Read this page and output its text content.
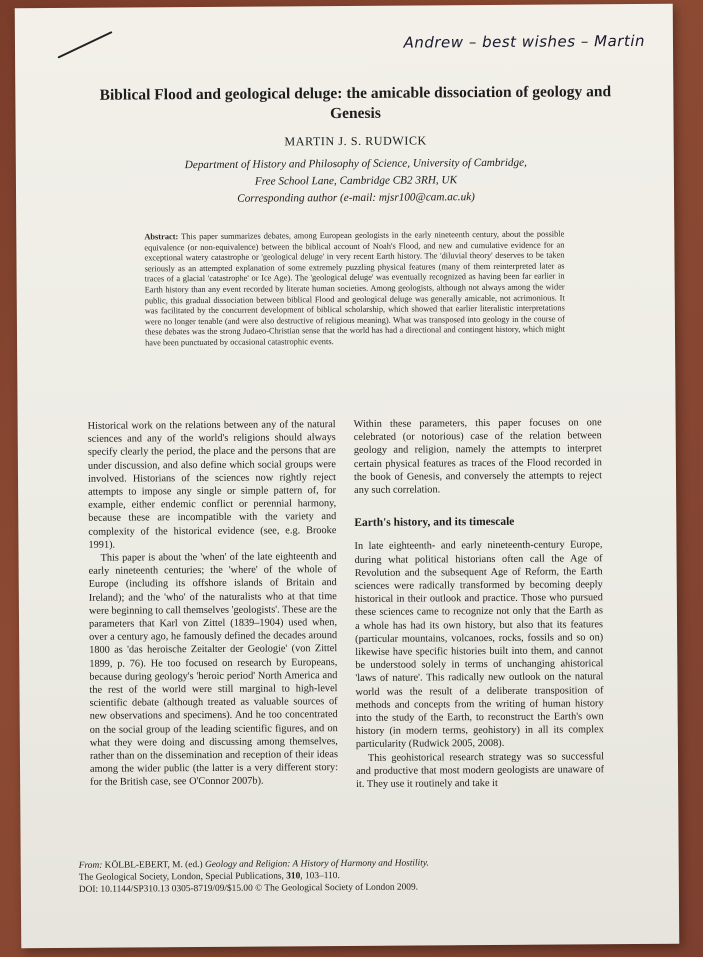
Andrew – best wishes – Martin
Biblical Flood and geological deluge: the amicable dissociation of geology and Genesis
MARTIN J. S. RUDWICK
Department of History and Philosophy of Science, University of Cambridge,
Free School Lane, Cambridge CB2 3RH, UK
Corresponding author (e-mail: mjsr100@cam.ac.uk)
Abstract: This paper summarizes debates, among European geologists in the early nineteenth century, about the possible equivalence (or non-equivalence) between the biblical account of Noah's Flood, and new and cumulative evidence for an exceptional watery catastrophe or 'geological deluge' in very recent Earth history. The 'diluvial theory' deserves to be taken seriously as an attempted explanation of some extremely puzzling physical features (many of them reinterpreted later as traces of a glacial 'catastrophe' or Ice Age). The 'geological deluge' was eventually recognized as having been far earlier in Earth history than any event recorded by literate human societies. Among geologists, although not always among the wider public, this gradual dissociation between biblical Flood and geological deluge was generally amicable, not acrimonious. It was facilitated by the concurrent development of biblical scholarship, which showed that earlier literalistic interpretations were no longer tenable (and were also destructive of religious meaning). What was transposed into geology in the course of these debates was the strong Judaeo-Christian sense that the world has had a directional and contingent history, which might have been punctuated by occasional catastrophic events.

Historical work on the relations between any of the natural sciences and any of the world's religions should always specify clearly the period, the place and the persons that are under discussion, and also define which social groups were involved. Historians of the sciences now rightly reject attempts to impose any single or simple pattern of, for example, either endemic conflict or perennial harmony, because these are incompatible with the variety and complexity of the historical evidence (see, e.g. Brooke 1991).

This paper is about the 'when' of the late eighteenth and early nineteenth centuries; the 'where' of the whole of Europe (including its offshore islands of Britain and Ireland); and the 'who' of the naturalists who at that time were beginning to call themselves 'geologists'. These are the parameters that Karl von Zittel (1839–1904) used when, over a century ago, he famously defined the decades around 1800 as 'das heroische Zeitalter der Geologie' (von Zittel 1899, p. 76). He too focused on research by Europeans, because during geology's 'heroic period' North America and the rest of the world were still marginal to high-level scientific debate (although treated as valuable sources of new observations and specimens). And he too concentrated on the social group of the leading scientific figures, and on what they were doing and discussing among themselves, rather than on the dissemination and reception of their ideas among the wider public (the latter is a very different story: for the British case, see O'Connor 2007b).

Within these parameters, this paper focuses on one celebrated (or notorious) case of the relation between geology and religion, namely the attempts to interpret certain physical features as traces of the Flood recorded in the book of Genesis, and conversely the attempts to reject any such correlation.

Earth's history, and its timescale

In late eighteenth- and early nineteenth-century Europe, during what political historians often call the Age of Revolution and the subsequent Age of Reform, the Earth sciences were radically transformed by becoming deeply historical in their outlook and practice. Those who pursued these sciences came to recognize not only that the Earth as a whole has had its own history, but also that its features (particular mountains, volcanoes, rocks, fossils and so on) likewise have specific histories built into them, and cannot be understood solely in terms of unchanging ahistorical 'laws of nature'. This radically new outlook on the natural world was the result of a deliberate transposition of methods and concepts from the writing of human history into the study of the Earth, to reconstruct the Earth's own history (in modern terms, geohistory) in all its complex particularity (Rudwick 2005, 2008).

This geohistorical research strategy was so successful and productive that most modern geologists are unaware of it. They use it routinely and take it

From: KÖLBL-EBERT, M. (ed.) Geology and Religion: A History of Harmony and Hostility.
The Geological Society, London, Special Publications, 310, 103–110.
DOI: 10.1144/SP310.13 0305-8719/09/$15.00 © The Geological Society of London 2009.
